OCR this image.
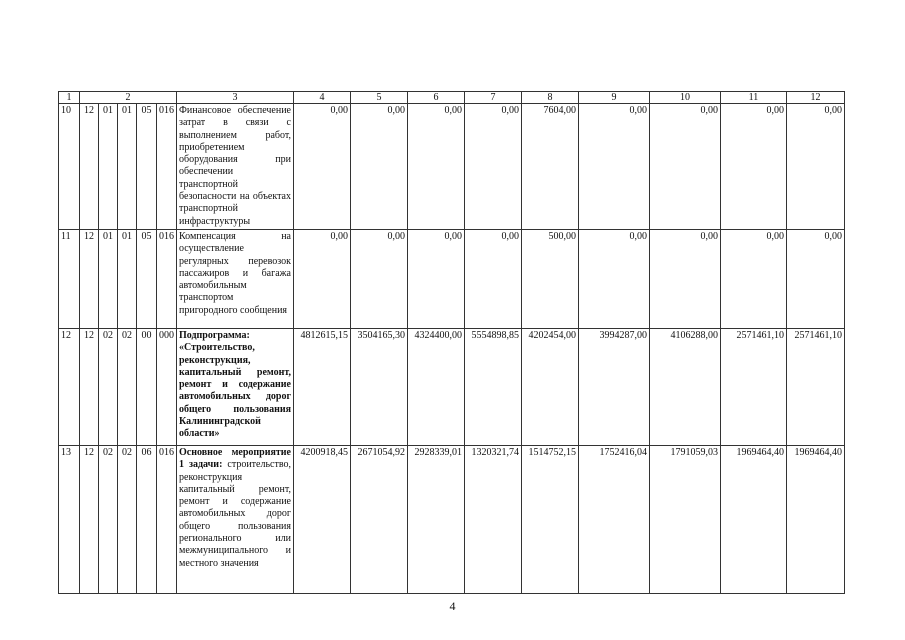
1	2					3	4	5	6	7	8	9	10	11	12
10	12	01	01	05	016	Финансовое обеспечение затрат в связи с выполнением работ, приобретением оборудования при обеспечении транспортной безопасности на объектах транспортной инфраструктуры	0,00	0,00	0,00	0,00	7604,00	0,00	0,00	0,00	0,00
11	12	01	01	05	016	Компенсация на осуществление регулярных перевозок пассажиров и багажа автомобильным транспортом пригородного сообщения	0,00	0,00	0,00	0,00	500,00	0,00	0,00	0,00	0,00
12	12	02	02	00	000	Подпрограмма: «Строительство, реконструкция, капитальный ремонт, ремонт и содержание автомобильных дорог общего пользования Калининградской области»	4812615,15	3504165,30	4324400,00	5554898,85	4202454,00	3994287,00	4106288,00	2571461,10	2571461,10
13	12	02	02	06	016	Основное мероприятие 1 задачи: строительство, реконструкция капитальный ремонт, ремонт и содержание автомобильных дорог общего пользования регионального или межмуниципального и местного значения	4200918,45	2671054,92	2928339,01	1320321,74	1514752,15	1752416,04	1791059,03	1969464,40	1969464,40
4
